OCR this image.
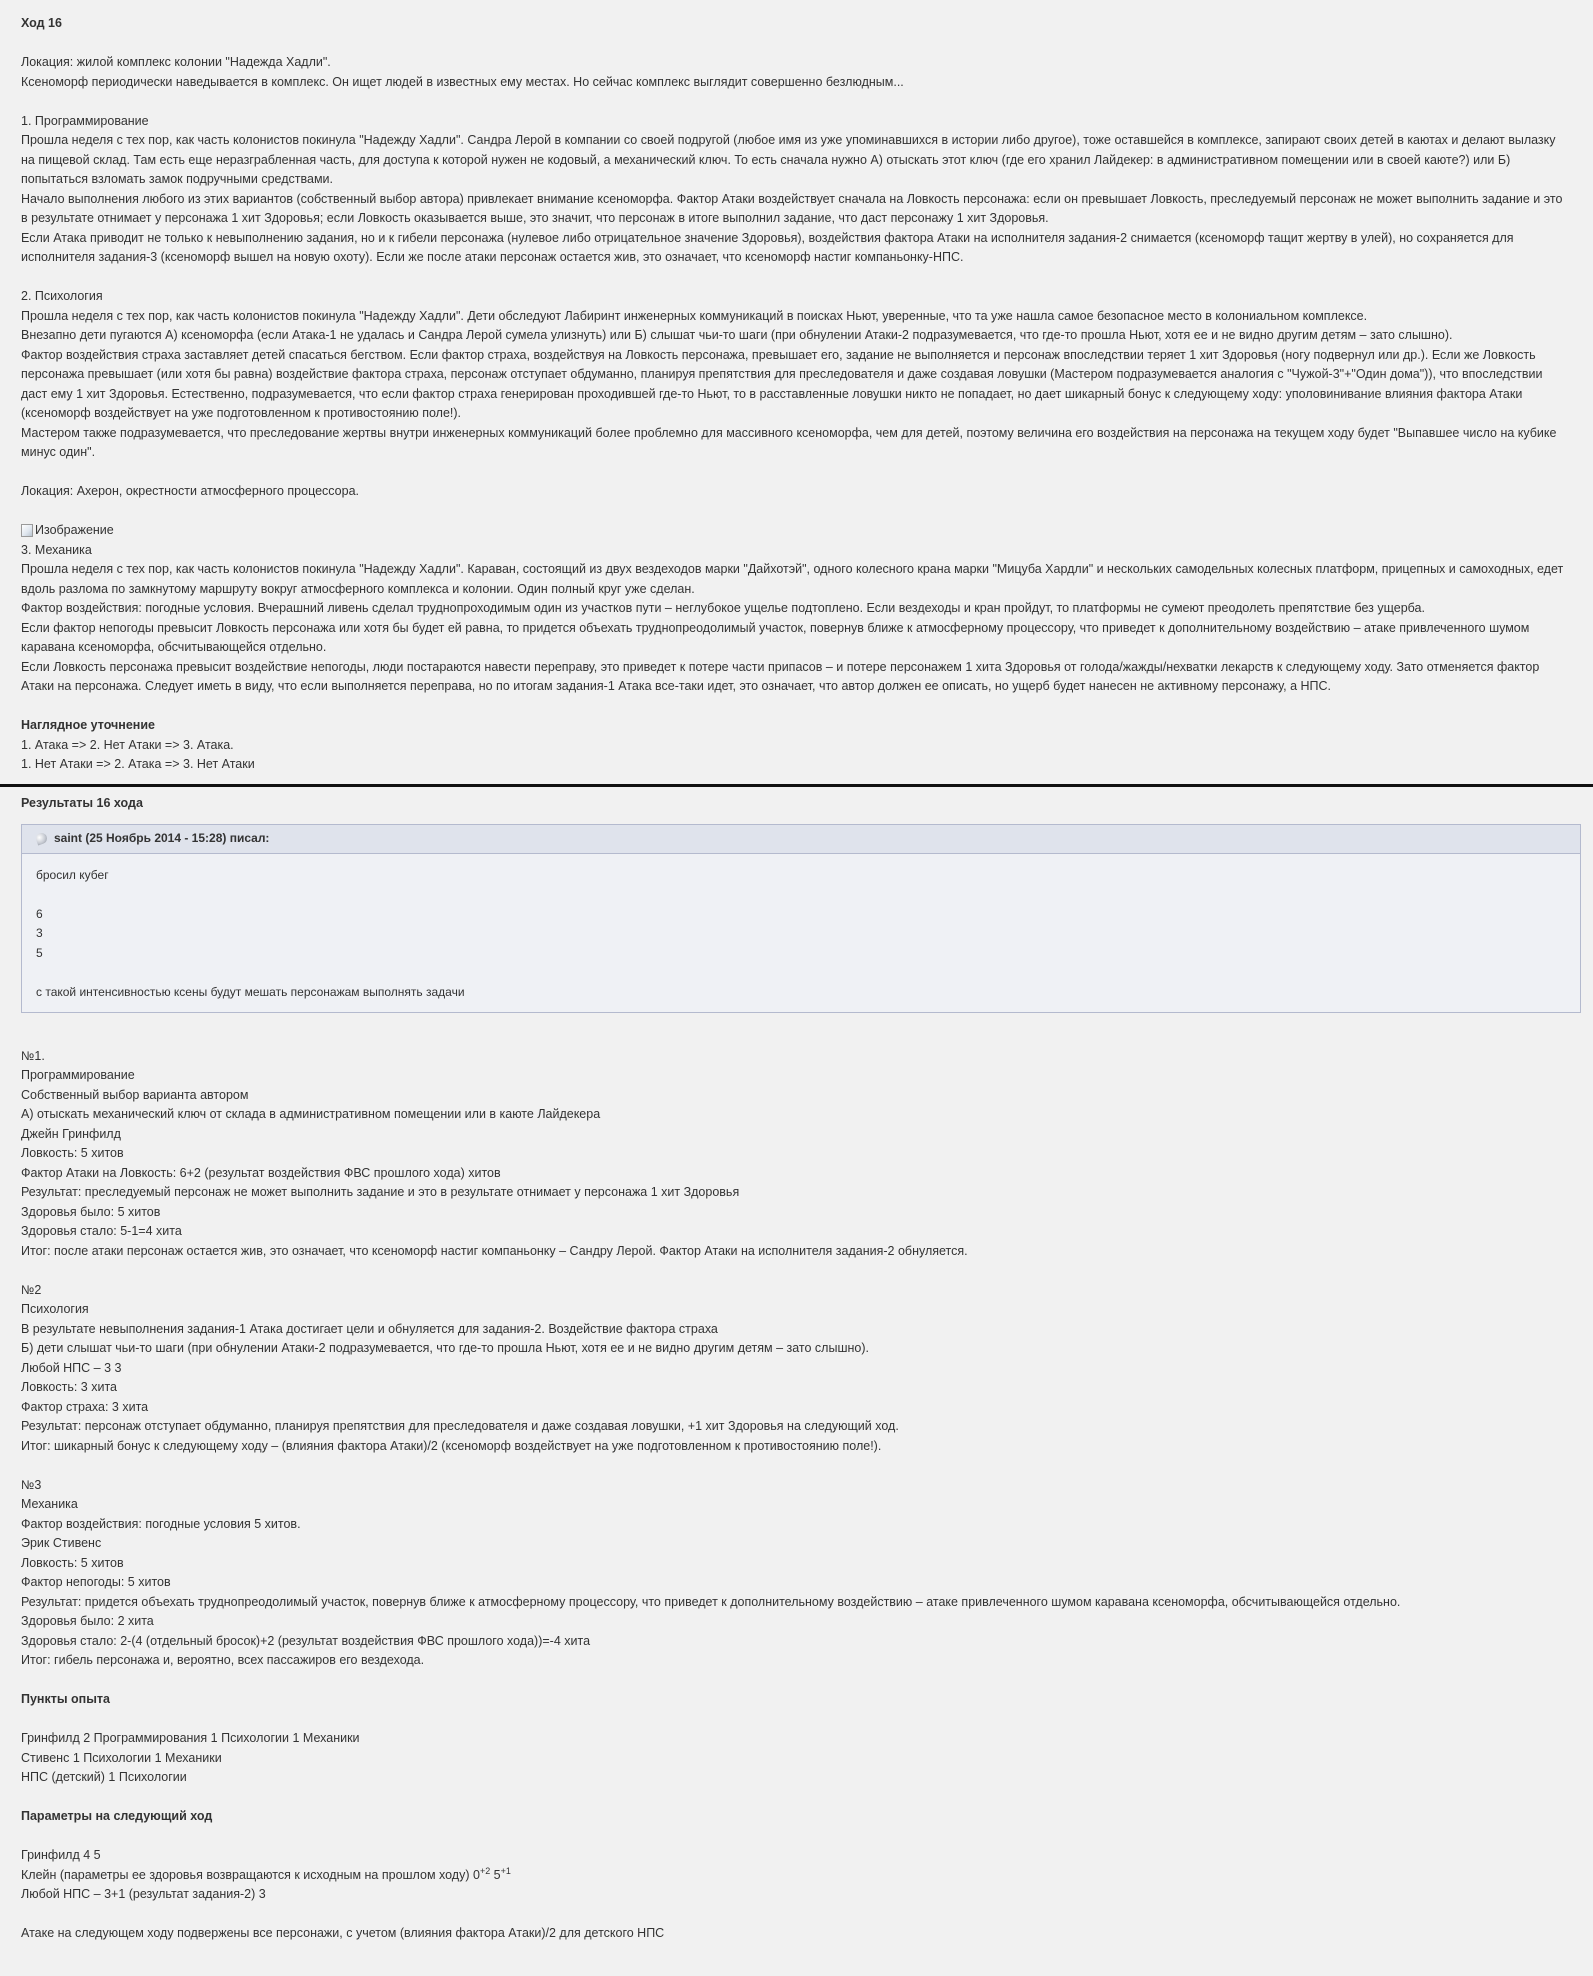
Ход 16
Локация: жилой комплекс колонии "Надежда Хадли".
Ксеноморф периодически наведывается в комплекс. Он ищет людей в известных ему местах. Но сейчас комплекс выглядит совершенно безлюдным...
1. Программирование
Прошла неделя с тех пор, как часть колонистов покинула "Надежду Хадли". Сандра Лерой в компании со своей подругой (любое имя из уже упоминавшихся в истории либо другое), тоже оставшейся в комплексе, запирают своих детей в каютах и делают вылазку на пищевой склад. Там есть еще неразграбленная часть, для доступа к которой нужен не кодовый, а механический ключ. То есть сначала нужно А) отыскать этот ключ (где его хранил Лайдекер: в административном помещении или в своей каюте?) или Б) попытаться взломать замок подручными средствами.
Начало выполнения любого из этих вариантов (собственный выбор автора) привлекает внимание ксеноморфа. Фактор Атаки воздействует сначала на Ловкость персонажа: если он превышает Ловкость, преследуемый персонаж не может выполнить задание и это в результате отнимает у персонажа 1 хит Здоровья; если Ловкость оказывается выше, это значит, что персонаж в итоге выполнил задание, что даст персонажу 1 хит Здоровья.
Если Атака приводит не только к невыполнению задания, но и к гибели персонажа (нулевое либо отрицательное значение Здоровья), воздействия фактора Атаки на исполнителя задания-2 снимается (ксеноморф тащит жертву в улей), но сохраняется для исполнителя задания-3 (ксеноморф вышел на новую охоту). Если же после атаки персонаж остается жив, это означает, что ксеноморф настиг компаньонку-НПС.
2. Психология
Прошла неделя с тех пор, как часть колонистов покинула "Надежду Хадли". Дети обследуют Лабиринт инженерных коммуникаций в поисках Ньют, уверенные, что та уже нашла самое безопасное место в колониальном комплексе.
Внезапно дети пугаются А) ксеноморфа (если Атака-1 не удалась и Сандра Лерой сумела улизнуть) или Б) слышат чьи-то шаги (при обнулении Атаки-2 подразумевается, что где-то прошла Ньют, хотя ее и не видно другим детям – зато слышно).
Фактор воздействия страха заставляет детей спасаться бегством. Если фактор страха, воздействуя на Ловкость персонажа, превышает его, задание не выполняется и персонаж впоследствии теряет 1 хит Здоровья (ногу подвернул или др.). Если же Ловкость персонажа превышает (или хотя бы равна) воздействие фактора страха, персонаж отступает обдуманно, планируя препятствия для преследователя и даже создавая ловушки (Мастером подразумевается аналогия с "Чужой-3"+"Один дома")), что впоследствии даст ему 1 хит Здоровья. Естественно, подразумевается, что если фактор страха генерирован проходившей где-то Ньют, то в расставленные ловушки никто не попадает, но дает шикарный бонус к следующему ходу: уполовинивание влияния фактора Атаки (ксеноморф воздействует на уже подготовленном к противостоянию поле!).
Мастером также подразумевается, что преследование жертвы внутри инженерных коммуникаций более проблемно для массивного ксеноморфа, чем для детей, поэтому величина его воздействия на персонажа на текущем ходу будет "Выпавшее число на кубике минус один".
Локация: Ахерон, окрестности атмосферного процессора.
Изображение
3. Механика
Прошла неделя с тех пор, как часть колонистов покинула "Надежду Хадли". Караван, состоящий из двух вездеходов марки "Дайхотэй", одного колесного крана марки "Мицуба Хардли" и нескольких самодельных колесных платформ, прицепных и самоходных, едет вдоль разлома по замкнутому маршруту вокруг атмосферного комплекса и колонии. Один полный круг уже сделан.
Фактор воздействия: погодные условия. Вчерашний ливень сделал труднопроходимым один из участков пути – неглубокое ущелье подтоплено. Если вездеходы и кран пройдут, то платформы не сумеют преодолеть препятствие без ущерба.
Если фактор непогоды превысит Ловкость персонажа или хотя бы будет ей равна, то придется объехать труднопреодолимый участок, повернув ближе к атмосферному процессору, что приведет к дополнительному воздействию – атаке привлеченного шумом каравана ксеноморфа, обсчитывающейся отдельно.
Если Ловкость персонажа превысит воздействие непогоды, люди постараются навести переправу, это приведет к потере части припасов – и потере персонажем 1 хита Здоровья от голода/жажды/нехватки лекарств к следующему ходу. Зато отменяется фактор Атаки на персонажа. Следует иметь в виду, что если выполняется переправа, но по итогам задания-1 Атака все-таки идет, это означает, что автор должен ее описать, но ущерб будет нанесен не активному персонажу, а НПС.
Наглядное уточнение
1. Атака => 2. Нет Атаки => 3. Атака.
1. Нет Атаки => 2. Атака => 3. Нет Атаки
Результаты 16 хода
saint (25 Ноябрь 2014 - 15:28) писал:
бросил кубег
6
3
5
с такой интенсивностью ксены будут мешать персонажам выполнять задачи
№1.
Программирование
Собственный выбор варианта автором
А) отыскать механический ключ от склада в административном помещении или в каюте Лайдекера
Джейн Гринфилд
Ловкость: 5 хитов
Фактор Атаки на Ловкость: 6+2 (результат воздействия ФВС прошлого хода) хитов
Результат: преследуемый персонаж не может выполнить задание и это в результате отнимает у персонажа 1 хит Здоровья
Здоровья было: 5 хитов
Здоровья стало: 5-1=4 хита
Итог: после атаки персонаж остается жив, это означает, что ксеноморф настиг компаньонку – Сандру Лерой. Фактор Атаки на исполнителя задания-2 обнуляется.
№2
Психология
В результате невыполнения задания-1 Атака достигает цели и обнуляется для задания-2. Воздействие фактора страха
Б) дети слышат чьи-то шаги (при обнулении Атаки-2 подразумевается, что где-то прошла Ньют, хотя ее и не видно другим детям – зато слышно).
Любой НПС – 3 3
Ловкость: 3 хита
Фактор страха: 3 хита
Результат: персонаж отступает обдуманно, планируя препятствия для преследователя и даже создавая ловушки, +1 хит Здоровья на следующий ход.
Итог: шикарный бонус к следующему ходу – (влияния фактора Атаки)/2 (ксеноморф воздействует на уже подготовленном к противостоянию поле!).
№3
Механика
Фактор воздействия: погодные условия 5 хитов.
Эрик Стивенс
Ловкость: 5 хитов
Фактор непогоды: 5 хитов
Результат: придется объехать труднопреодолимый участок, повернув ближе к атмосферному процессору, что приведет к дополнительному воздействию – атаке привлеченного шумом каравана ксеноморфа, обсчитывающейся отдельно.
Здоровья было: 2 хита
Здоровья стало: 2-(4 (отдельный бросок)+2 (результат воздействия ФВС прошлого хода))=-4 хита
Итог: гибель персонажа и, вероятно, всех пассажиров его вездехода.
Пункты опыта
Гринфилд 2 Программирования 1 Психологии 1 Механики
Стивенс 1 Психологии 1 Механики
НПС (детский) 1 Психологии
Параметры на следующий ход
Гринфилд 4 5
Клейн (параметры ее здоровья возвращаются к исходным на прошлом ходу) $0^{+2}$ $5^{+1}$
Любой НПС – 3+1 (результат задания-2) 3
Атаке на следующем ходу подвержены все персонажи, с учетом (влияния фактора Атаки)/2 для детского НПС
